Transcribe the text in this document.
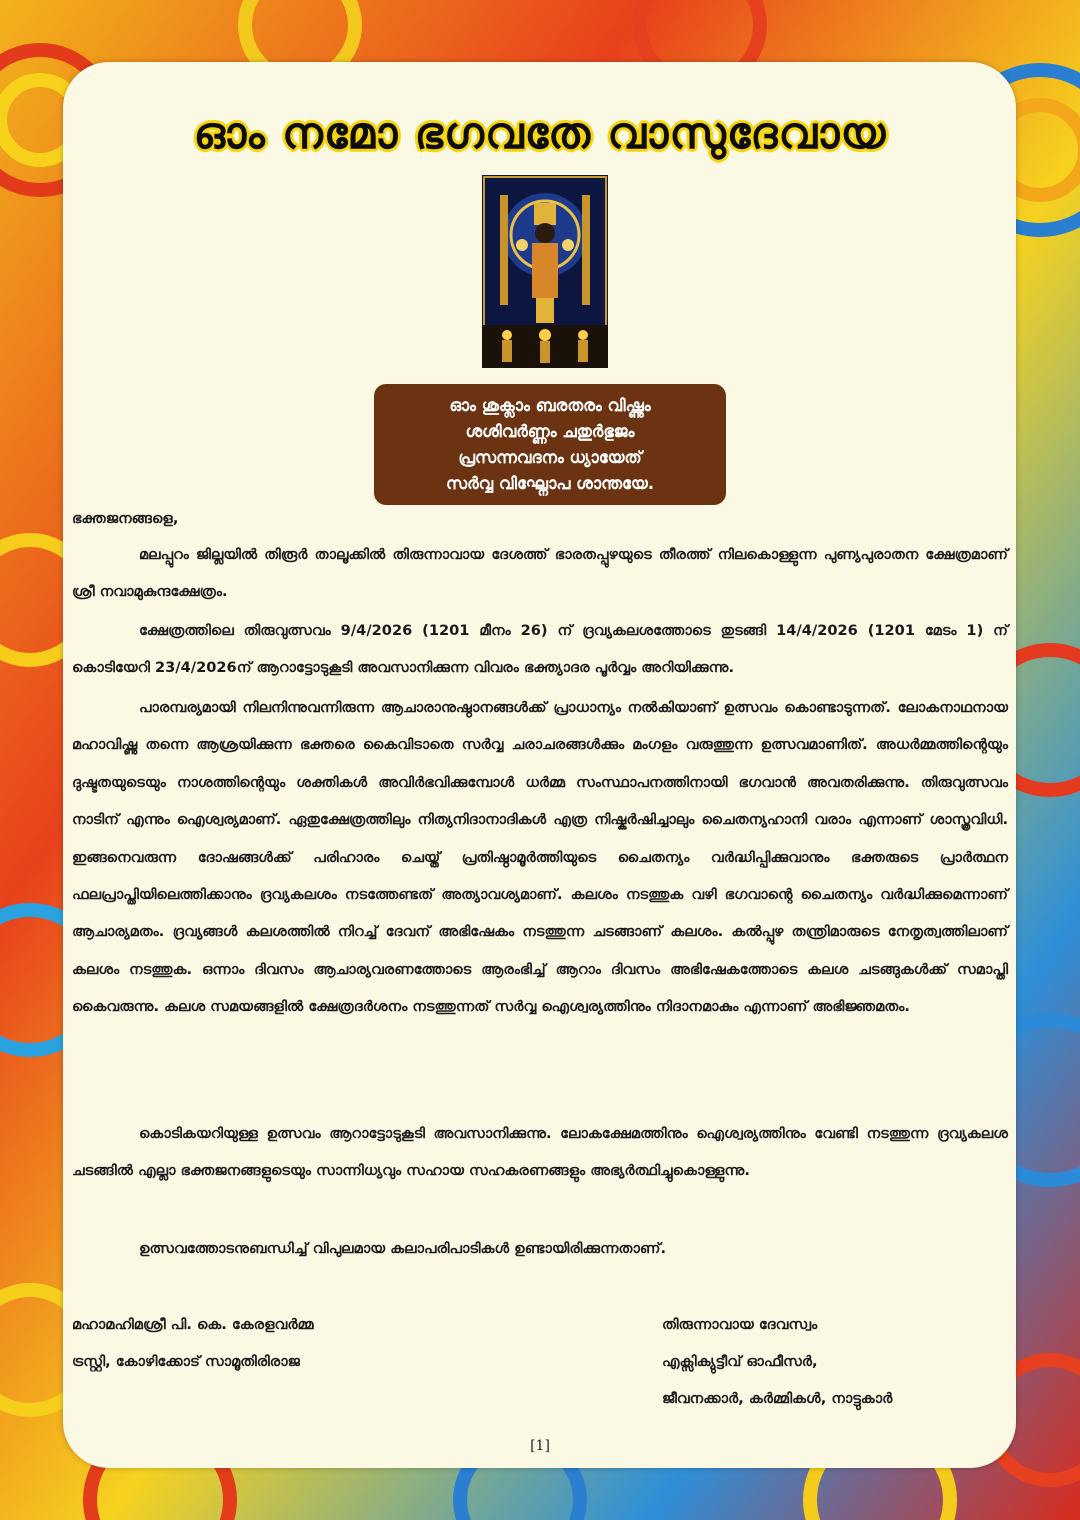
ഓം നമോ ഭഗവതേ വാസുദേവായ
ഓം ശുക്ലാം ബരതരം വിഷ്ണും
ശശിവർണ്ണം ചതുർഭുജം
പ്രസന്നവദനം ധ്യായേത്
സർവ്വ വിഘ്നോപ ശാന്തയേ.
ഭക്തജനങ്ങളെ,

മലപ്പുറം ജില്ലയിൽ തിരൂർ താലൂക്കിൽ തിരുന്നാവായ ദേശത്ത് ഭാരതപ്പുഴയുടെ തീരത്ത് നിലകൊള്ളുന്ന പുണ്യപുരാതന ക്ഷേത്രമാണ് ശ്രീ നവാമുകുന്ദക്ഷേത്രം.

ക്ഷേത്രത്തിലെ തിരുവുത്സവം 9/4/2026 (1201 മീനം 26) ന് ദ്രവ്യകലശത്തോടെ തുടങ്ങി 14/4/2026 (1201 മേടം 1) ന് കൊടിയേറി 23/4/2026ന് ആറാട്ടോടുകൂടി അവസാനിക്കുന്ന വിവരം ഭക്ത്യാദര പൂർവ്വം അറിയിക്കുന്നു.

പാരമ്പര്യമായി നിലനിന്നുവന്നിരുന്ന ആചാരാനുഷ്ഠാനങ്ങൾക്ക് പ്രാധാന്യം നൽകിയാണ് ഉത്സവം കൊണ്ടാടുന്നത്. ലോകനാഥനായ മഹാവിഷ്ണു തന്നെ ആശ്രയിക്കുന്ന ഭക്തരെ കൈവിടാതെ സർവ്വ ചരാചരങ്ങൾക്കും മംഗളം വരുത്തുന്ന ഉത്സവമാണിത്. അധർമ്മത്തിന്റെയും ദുഷ്ടതയുടെയും നാശത്തിന്റെയും ശക്തികൾ അവിർഭവിക്കുമ്പോൾ ധർമ്മ സംസ്ഥാപനത്തിനായി ഭഗവാൻ അവതരിക്കുന്നു. തിരുവുത്സവം നാടിന് എന്നും ഐശ്വര്യമാണ്. ഏതുക്ഷേത്രത്തിലും നിത്യനിദാനാദികൾ എത്ര നിഷ്കർഷിച്ചാലും ചൈതന്യഹാനി വരാം എന്നാണ് ശാസ്ത്രവിധി. ഇങ്ങനെവരുന്ന ദോഷങ്ങൾക്ക് പരിഹാരം ചെയ്ത് പ്രതിഷ്ഠാമൂർത്തിയുടെ ചൈതന്യം വർദ്ധിപ്പിക്കുവാനും ഭക്തരുടെ പ്രാർത്ഥന ഫലപ്രാപ്തിയിലെത്തിക്കാനും ദ്രവ്യകലശം നടത്തേണ്ടത് അത്യാവശ്യമാണ്. കലശം നടത്തുക വഴി ഭഗവാന്റെ ചൈതന്യം വർദ്ധിക്കുമെന്നാണ് ആചാര്യമതം. ദ്രവ്യങ്ങൾ കലശത്തിൽ നിറച്ച് ദേവന് അഭിഷേകം നടത്തുന്ന ചടങ്ങാണ് കലശം. കൽപ്പുഴ തന്ത്രിമാരുടെ നേതൃത്വത്തിലാണ് കലശം നടത്തുക. ഒന്നാം ദിവസം ആചാര്യവരണത്തോടെ ആരംഭിച്ച് ആറാം ദിവസം അഭിഷേകത്തോടെ കലശ ചടങ്ങുകൾക്ക് സമാപ്തി കൈവരുന്നു. കലശ സമയങ്ങളിൽ ക്ഷേത്രദർശനം നടത്തുന്നത് സർവ്വ ഐശ്വര്യത്തിനും നിദാനമാകും എന്നാണ് അഭിജ്ഞമതം.

കൊടികയറിയുള്ള ഉത്സവം ആറാട്ടോടുകൂടി അവസാനിക്കുന്നു. ലോകക്ഷേമത്തിനും ഐശ്വര്യത്തിനും വേണ്ടി നടത്തുന്ന ദ്രവ്യകലശ ചടങ്ങിൽ എല്ലാ ഭക്തജനങ്ങളുടെയും സാന്നിധ്യവും സഹായ സഹകരണങ്ങളും അഭ്യർത്ഥിച്ചുകൊള്ളുന്നു.

ഉത്സവത്തോടനുബന്ധിച്ച് വിപുലമായ കലാപരിപാടികൾ ഉണ്ടായിരിക്കുന്നതാണ്.

മഹാമഹിമശ്രീ പി. കെ. കേരളവർമ്മ
ട്രസ്റ്റി, കോഴിക്കോട് സാമൂതിരിരാജ
തിരുന്നാവായ ദേവസ്വം
എക്സിക്യുട്ടീവ് ഓഫീസർ,
ജീവനക്കാർ, കർമ്മികൾ, നാട്ടുകാർ
[1]
